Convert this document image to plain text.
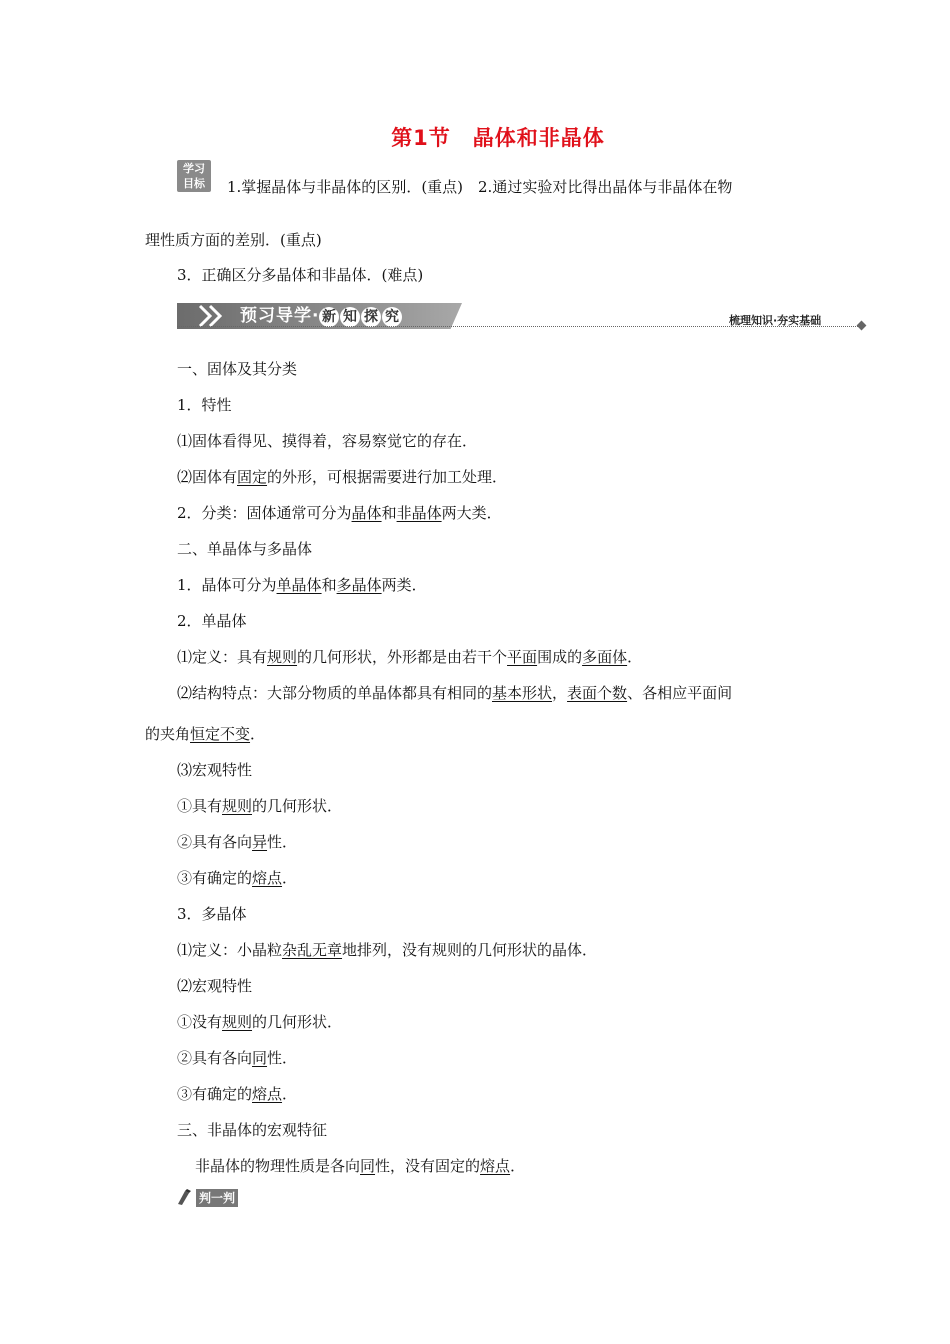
第1节　晶体和非晶体
学习
目标	1.掌握晶体与非晶体的区别．(重点)　2.通过实验对比得出晶体与非晶体在物
理性质方面的差别．(重点)
3．正确区分多晶体和非晶体．(难点)
预习导学· 新 知 探 究	梳理知识·夯实基础
一、固体及其分类
1．特性
⑴固体看得见、摸得着，容易察觉它的存在．
⑵固体有固定的外形，可根据需要进行加工处理．
2．分类：固体通常可分为晶体和非晶体两大类．
二、单晶体与多晶体
1．晶体可分为单晶体和多晶体两类．
2．单晶体
⑴定义：具有规则的几何形状，外形都是由若干个平面围成的多面体．
⑵结构特点：大部分物质的单晶体都具有相同的基本形状，表面个数、各相应平面间
的夹角恒定不变．
⑶宏观特性
①具有规则的几何形状．
②具有各向异性．
③有确定的熔点．
3．多晶体
⑴定义：小晶粒杂乱无章地排列，没有规则的几何形状的晶体．
⑵宏观特性
①没有规则的几何形状．
②具有各向同性．
③有确定的熔点．
三、非晶体的宏观特征
非晶体的物理性质是各向同性，没有固定的熔点．
判一判
